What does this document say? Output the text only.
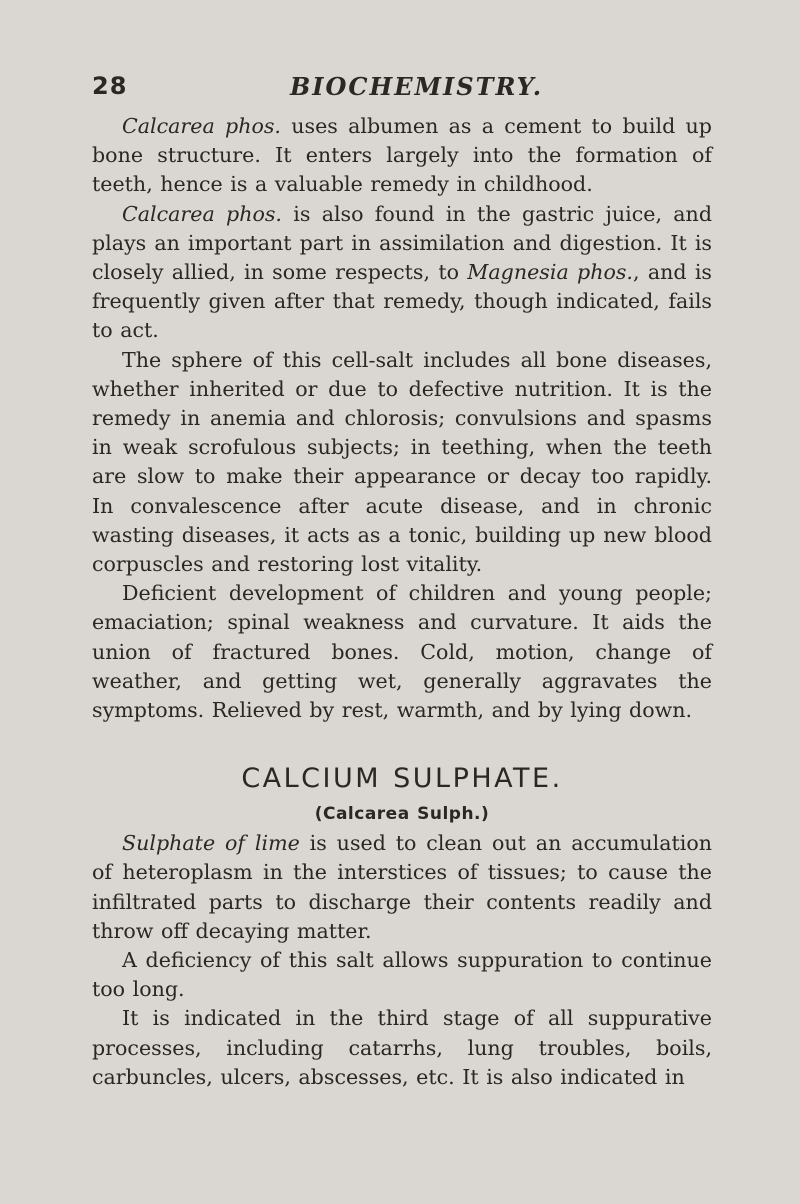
28	BIOCHEMISTRY.

Calcarea phos. uses albumen as a cement to build up bone structure. It enters largely into the formation of teeth, hence is a valuable remedy in childhood.

Calcarea phos. is also found in the gastric juice, and plays an important part in assimilation and digestion. It is closely allied, in some respects, to Magnesia phos., and is frequently given after that remedy, though indicated, fails to act.

The sphere of this cell-salt includes all bone diseases, whether inherited or due to defective nutrition. It is the remedy in anemia and chlorosis; convulsions and spasms in weak scrofulous subjects; in teething, when the teeth are slow to make their appearance or decay too rapidly. In convalescence after acute disease, and in chronic wasting diseases, it acts as a tonic, building up new blood corpuscles and restoring lost vitality.

Deficient development of children and young people; emaciation; spinal weakness and curvature. It aids the union of fractured bones. Cold, motion, change of weather, and getting wet, generally aggravates the symptoms. Relieved by rest, warmth, and by lying down.

CALCIUM SULPHATE.
(Calcarea Sulph.)

Sulphate of lime is used to clean out an accumulation of heteroplasm in the interstices of tissues; to cause the infiltrated parts to discharge their contents readily and throw off decaying matter.

A deficiency of this salt allows suppuration to continue too long.

It is indicated in the third stage of all suppurative processes, including catarrhs, lung troubles, boils, carbuncles, ulcers, abscesses, etc. It is also indicated in
